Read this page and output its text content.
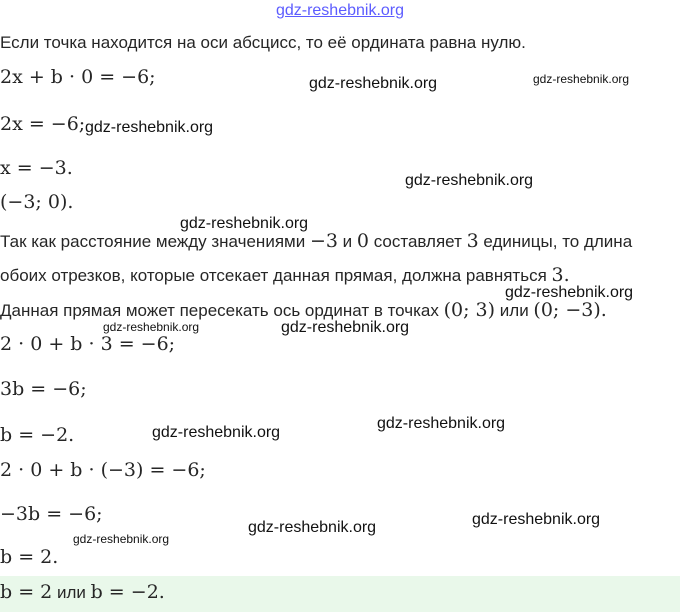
gdz-reshebnik.org
Если точка находится на оси абсцисс, то её ордината равна нулю.
2x + b · 0 = −6;
2x = −6;
x = −3.
(−3; 0).
Так как расстояние между значениями −3 и 0 составляет 3 единицы, то длина
обоих отрезков, которые отсекает данная прямая, должна равняться 3.
Данная прямая может пересекать ось ординат в точках (0; 3) или (0; −3).
2 · 0 + b · 3 = −6;
3b = −6;
b = −2.
2 · 0 + b · (−3) = −6;
−3b = −6;
b = 2.
b = 2 или b = −2.
gdz-reshebnik.org	gdz-reshebnik.org
gdz-reshebnik.org
gdz-reshebnik.org
gdz-reshebnik.org
gdz-reshebnik.org
gdz-reshebnik.org	gdz-reshebnik.org
gdz-reshebnik.org
gdz-reshebnik.org
gdz-reshebnik.org
gdz-reshebnik.org
gdz-reshebnik.org
